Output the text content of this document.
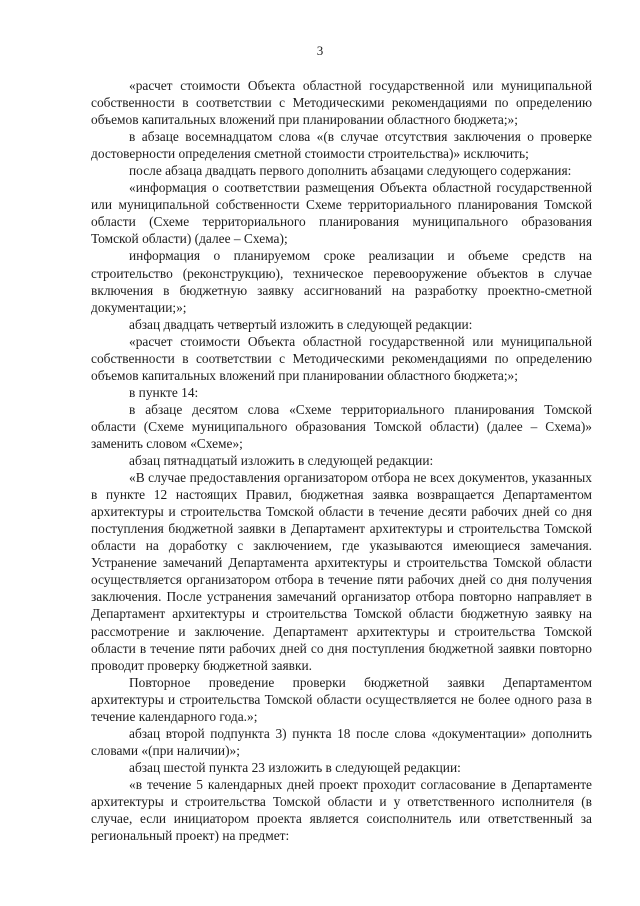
3

«расчет стоимости Объекта областной государственной или муниципальной собственности в соответствии с Методическими рекомендациями по определению объемов капитальных вложений при планировании областного бюджета;»;

в абзаце восемнадцатом слова «(в случае отсутствия заключения о проверке достоверности определения сметной стоимости строительства)» исключить;

после абзаца двадцать первого дополнить абзацами следующего содержания:

«информация о соответствии размещения Объекта областной государственной или муниципальной собственности Схеме территориального планирования Томской области (Схеме территориального планирования муниципального образования Томской области) (далее – Схема);

информация о планируемом сроке реализации и объеме средств на строительство (реконструкцию), техническое перевооружение объектов в случае включения в бюджетную заявку ассигнований на разработку проектно-сметной документации;»;

абзац двадцать четвертый изложить в следующей редакции:

«расчет стоимости Объекта областной государственной или муниципальной собственности в соответствии с Методическими рекомендациями по определению объемов капитальных вложений при планировании областного бюджета;»;

в пункте 14:

в абзаце десятом слова «Схеме территориального планирования Томской области (Схеме муниципального образования Томской области) (далее – Схема)» заменить словом «Схеме»;

абзац пятнадцатый изложить в следующей редакции:

«В случае предоставления организатором отбора не всех документов, указанных в пункте 12 настоящих Правил, бюджетная заявка возвращается Департаментом архитектуры и строительства Томской области в течение десяти рабочих дней со дня поступления бюджетной заявки в Департамент архитектуры и строительства Томской области на доработку с заключением, где указываются имеющиеся замечания. Устранение замечаний Департамента архитектуры и строительства Томской области осуществляется организатором отбора в течение пяти рабочих дней со дня получения заключения. После устранения замечаний организатор отбора повторно направляет в Департамент архитектуры и строительства Томской области бюджетную заявку на рассмотрение и заключение. Департамент архитектуры и строительства Томской области в течение пяти рабочих дней со дня поступления бюджетной заявки повторно проводит проверку бюджетной заявки.

Повторное проведение проверки бюджетной заявки Департаментом архитектуры и строительства Томской области осуществляется не более одного раза в течение календарного года.»;

абзац второй подпункта 3) пункта 18 после слова «документации» дополнить словами «(при наличии)»;

абзац шестой пункта 23 изложить в следующей редакции:

«в течение 5 календарных дней проект проходит согласование в Департаменте архитектуры и строительства Томской области и у ответственного исполнителя (в случае, если инициатором проекта является соисполнитель или ответственный за региональный проект) на предмет:
